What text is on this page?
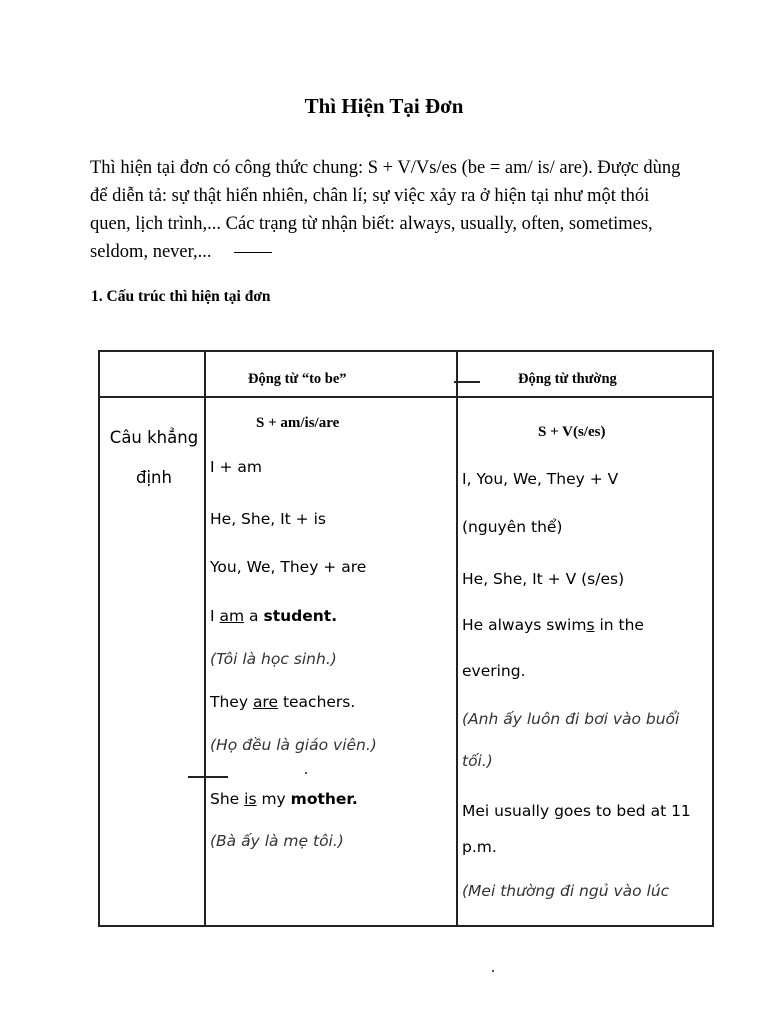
Thì Hiện Tại Đơn

Thì hiện tại đơn có công thức chung: S + V/Vs/es (be = am/ is/ are). Được dùng để diễn tả: sự thật hiển nhiên, chân lí; sự việc xảy ra ở hiện tại như một thói quen, lịch trình,... Các trạng từ nhận biết: always, usually, often, sometimes, seldom, never,...

1. Cấu trúc thì hiện tại đơn

Động từ “to be”	Động từ thường
Câu khẳng
định
S + am/is/are
I + am
He, She, It + is
You, We, They + are
I am a student.
(Tôi là học sinh.)
They are teachers.
(Họ đều là giáo viên.)
She is my mother.
(Bà ấy là mẹ tôi.)
S + V(s/es)
I, You, We, They + V
(nguyên thể)
He, She, It + V (s/es)
He always swims in the
evering.
(Anh ấy luôn đi bơi vào buổi
tối.)
Mei usually goes to bed at 11
p.m.
(Mei thường đi ngủ vào lúc
